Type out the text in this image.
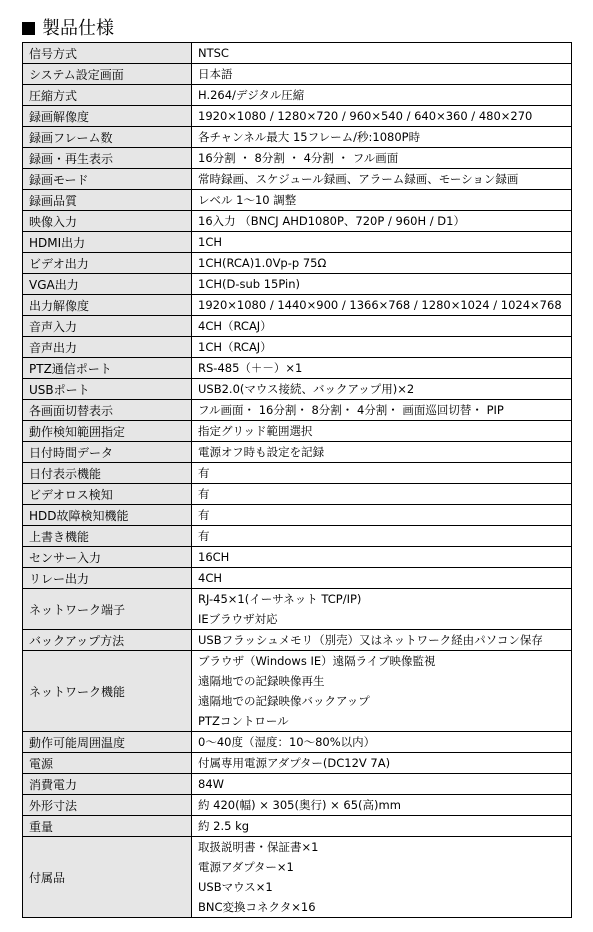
製品仕様
信号方式	NTSC

システム設定画面	日本語

圧縮方式	H.264/デジタル圧縮

録画解像度	1920×1080 / 1280×720 / 960×540 / 640×360 / 480×270

録画フレーム数	各チャンネル最大 15フレーム/秒:1080P時

録画・再生表示	16分割 ・ 8分割 ・ 4分割 ・ フル画面

録画モード	常時録画、スケジュール録画、アラーム録画、モーション録画

録画品質	レベル 1〜10 調整

映像入力	16入力 （BNCJ AHD1080P、720P / 960H / D1）

HDMI出力	1CH

ビデオ出力	1CH(RCA)1.0Vp-p 75Ω

VGA出力	1CH(D-sub 15Pin)

出力解像度	1920×1080 / 1440×900 / 1366×768 / 1280×1024 / 1024×768

音声入力	4CH（RCAJ）

音声出力	1CH（RCAJ）

PTZ通信ポート	RS-485（＋－）×1

USBポート	USB2.0(マウス接続、バックアップ用)×2

各画面切替表示	フル画面・ 16分割・ 8分割・ 4分割・ 画面巡回切替・ PIP

動作検知範囲指定	指定グリッド範囲選択

日付時間データ	電源オフ時も設定を記録

日付表示機能	有

ビデオロス検知	有

HDD故障検知機能	有

上書き機能	有

センサー入力	16CH

リレー出力	4CH

ネットワーク端子	RJ-45×1(イーサネット TCP/IP)
IEブラウザ対応

バックアップ方法	USBフラッシュメモリ（別売）又はネットワーク経由パソコン保存

ネットワーク機能	ブラウザ（Windows IE）遠隔ライブ映像監視
遠隔地での記録映像再生
遠隔地での記録映像バックアップ
PTZコントロール

動作可能周囲温度	0〜40度（湿度：10〜80%以内）

電源	付属専用電源アダプター(DC12V 7A)

消費電力	84W

外形寸法	約 420(幅) × 305(奥行) × 65(高)mm

重量	約 2.5 kg

付属品	取扱説明書・保証書×1
電源アダプター×1
USBマウス×1
BNC変換コネクタ×16
